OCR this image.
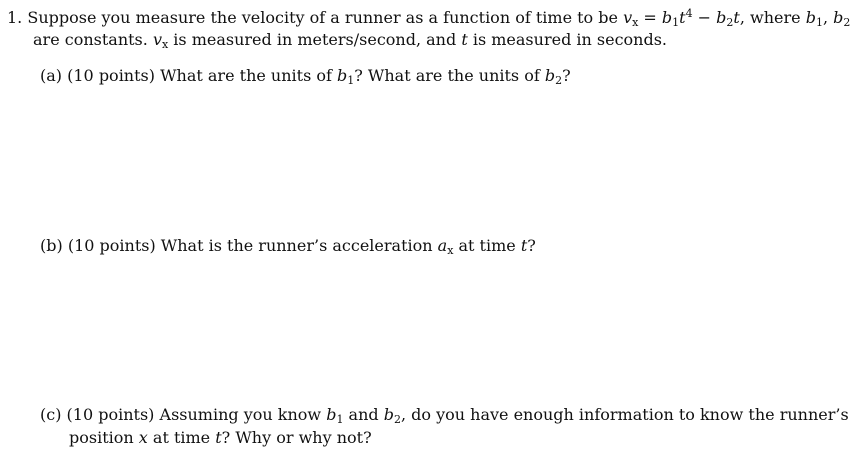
1. Suppose you measure the velocity of a runner as a function of time to be $v_x = b_1t^4 - b_2t$, where $b_1$, $b_2$
are constants. $v_x$ is measured in meters/second, and t is measured in seconds.
(a) (10 points) What are the units of $b_1$? What are the units of $b_2$?
(b) (10 points) What is the runner’s acceleration $a_x$ at time t?
(c) (10 points) Assuming you know $b_1$ and $b_2$, do you have enough information to know the runner’s
position x at time t? Why or why not?
